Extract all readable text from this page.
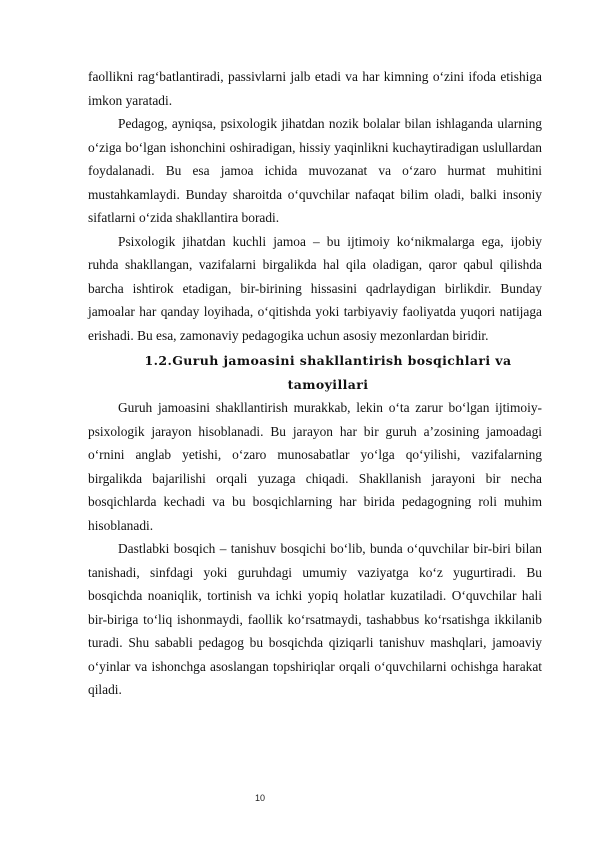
faollikni rag‘batlantiradi, passivlarni jalb etadi va har kimning o‘zini ifoda etishiga imkon yaratadi.

Pedagog, ayniqsa, psixologik jihatdan nozik bolalar bilan ishlaganda ularning o‘ziga bo‘lgan ishonchini oshiradigan, hissiy yaqinlikni kuchaytiradigan uslullardan foydalanadi. Bu esa jamoa ichida muvozanat va o‘zaro hurmat muhitini mustahkamlaydi. Bunday sharoitda o‘quvchilar nafaqat bilim oladi, balki insoniy sifatlarni o‘zida shakllantira boradi.

Psixologik jihatdan kuchli jamoa – bu ijtimoiy ko‘nikmalarga ega, ijobiy ruhda shakllangan, vazifalarni birgalikda hal qila oladigan, qaror qabul qilishda barcha ishtirok etadigan, bir-birining hissasini qadrlaydigan birlikdir. Bunday jamoalar har qanday loyihada, o‘qitishda yoki tarbiyaviy faoliyatda yuqori natijaga erishadi. Bu esa, zamonaviy pedagogika uchun asosiy mezonlardan biridir.

1.2.Guruh jamoasini shakllantirish bosqichlari va tamoyillari

Guruh jamoasini shakllantirish murakkab, lekin o‘ta zarur bo‘lgan ijtimoiy-psixologik jarayon hisoblanadi. Bu jarayon har bir guruh a’zosining jamoadagi o‘rnini anglab yetishi, o‘zaro munosabatlar yo‘lga qo‘yilishi, vazifalarning birgalikda bajarilishi orqali yuzaga chiqadi. Shakllanish jarayoni bir necha bosqichlarda kechadi va bu bosqichlarning har birida pedagogning roli muhim hisoblanadi.

Dastlabki bosqich – tanishuv bosqichi bo‘lib, bunda o‘quvchilar bir-biri bilan tanishadi, sinfdagi yoki guruhdagi umumiy vaziyatga ko‘z yugurtiradi. Bu bosqichda noaniqlik, tortinish va ichki yopiq holatlar kuzatiladi. O‘quvchilar hali bir-biriga to‘liq ishonmaydi, faollik ko‘rsatmaydi, tashabbus ko‘rsatishga ikkilanib turadi. Shu sababli pedagog bu bosqichda qiziqarli tanishuv mashqlari, jamoaviy o‘yinlar va ishonchga asoslangan topshiriqlar orqali o‘quvchilarni ochishga harakat qiladi.

10
